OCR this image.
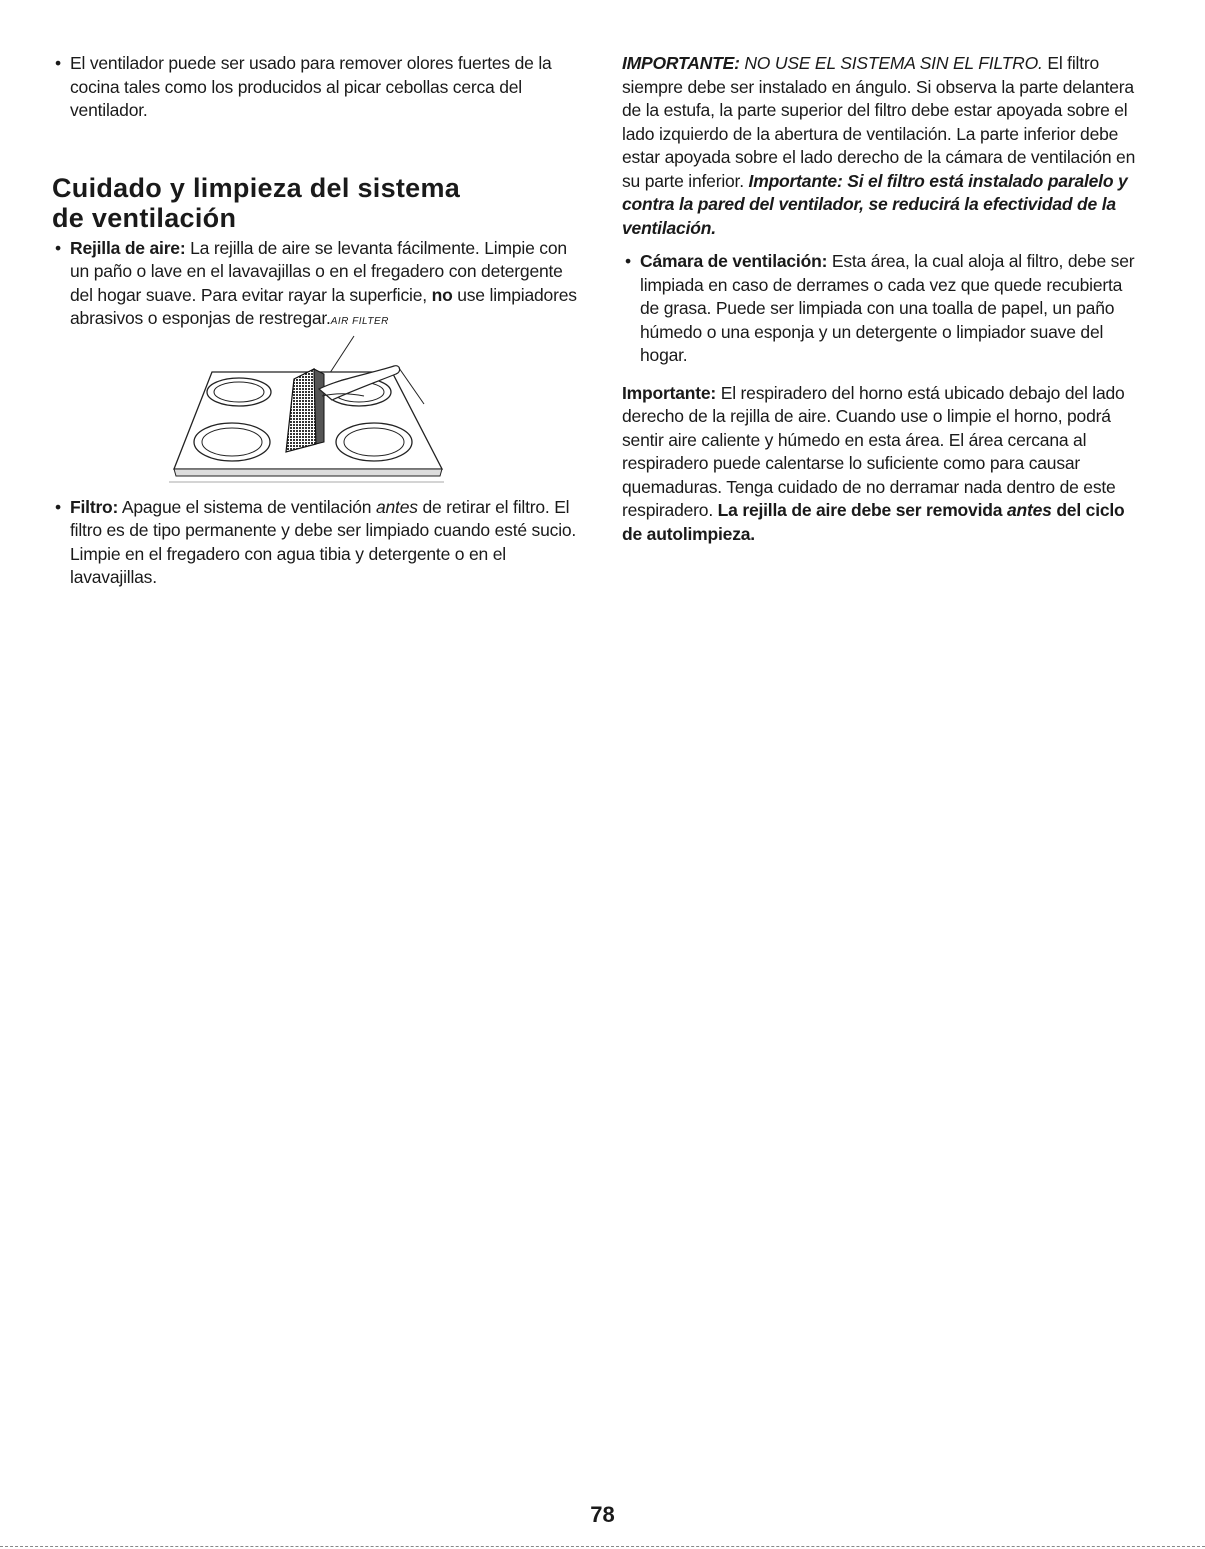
• El ventilador puede ser usado para remover olores fuertes de la cocina tales como los producidos al picar cebollas cerca del ventilador.
Cuidado y limpieza del sistema
de ventilación
• Rejilla de aire: La rejilla de aire se levanta fácilmente. Limpie con un paño o lave en el lavavajillas o en el fregadero con detergente del hogar suave. Para evitar rayar la superficie, no use limpiadores abrasivos o esponjas de restregar.AIR FILTER
• Filtro: Apague el sistema de ventilación antes de retirar el filtro. El filtro es de tipo permanente y debe ser limpiado cuando esté sucio. Limpie en el fregadero con agua tibia y detergente o en el lavavajillas.

IMPORTANTE: NO USE EL SISTEMA SIN EL FILTRO. El filtro siempre debe ser instalado en ángulo. Si observa la parte delantera de la estufa, la parte superior del filtro debe estar apoyada sobre el lado izquierdo de la abertura de ventilación. La parte inferior debe estar apoyada sobre el lado derecho de la cámara de ventilación en su parte inferior. Importante: Si el filtro está instalado paralelo y contra la pared del ventilador, se reducirá la efectividad de la ventilación.

• Cámara de ventilación: Esta área, la cual aloja al filtro, debe ser limpiada en caso de derrames o cada vez que quede recubierta de grasa. Puede ser limpiada con una toalla de papel, un paño húmedo o una esponja y un detergente o limpiador suave del hogar.

Importante: El respiradero del horno está ubicado debajo del lado derecho de la rejilla de aire. Cuando use o limpie el horno, podrá sentir aire caliente y húmedo en esta área. El área cercana al respiradero puede calentarse lo suficiente como para causar quemaduras. Tenga cuidado de no derramar nada dentro de este respiradero. La rejilla de aire debe ser removida antes del ciclo de autolimpieza.

78
